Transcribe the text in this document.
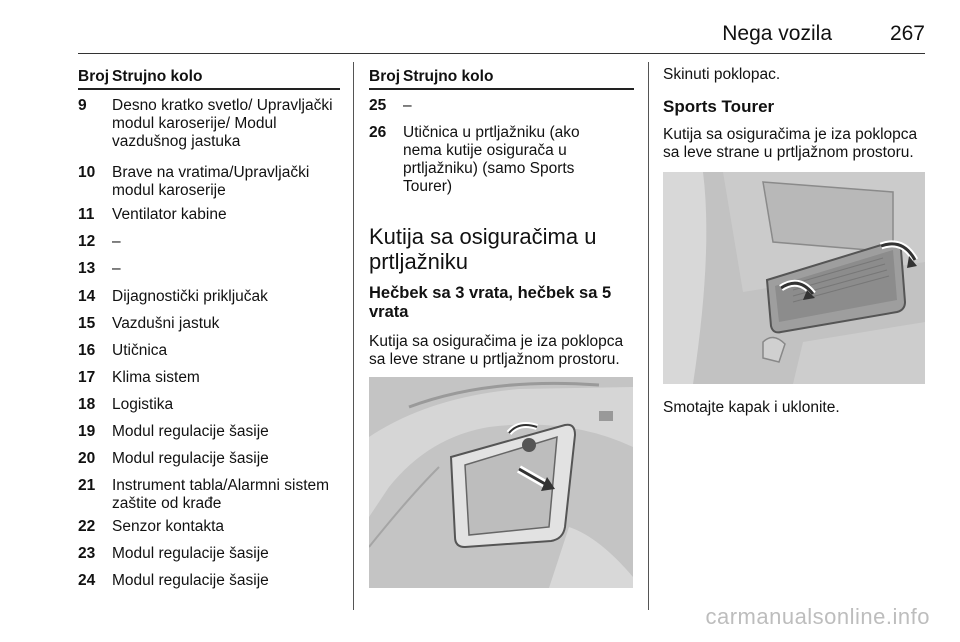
Nega vozila	267
Broj Strujno kolo
9 Desno kratko svetlo/ Upravljački modul karoserije/ Modul vazdušnog jastuka
10 Brave na vratima/Upravljački modul karoserije
11 Ventilator kabine
12 –
13 –
14 Dijagnostički priključak
15 Vazdušni jastuk
16 Utičnica
17 Klima sistem
18 Logistika
19 Modul regulacije šasije
20 Modul regulacije šasije
21 Instrument tabla/Alarmni sistem zaštite od krađe
22 Senzor kontakta
23 Modul regulacije šasije
24 Modul regulacije šasije
Broj Strujno kolo
25 –
26 Utičnica u prtljažniku (ako nema kutije osigurača u prtljažniku) (samo Sports Tourer)
Kutija sa osiguračima u prtljažniku
Hečbek sa 3 vrata, hečbek sa 5 vrata
Kutija sa osiguračima je iza poklopca sa leve strane u prtljažnom prostoru.
Skinuti poklopac.
Sports Tourer
Kutija sa osiguračima je iza poklopca sa leve strane u prtljažnom prostoru.
Smotajte kapak i uklonite.
carmanualsonline.info
